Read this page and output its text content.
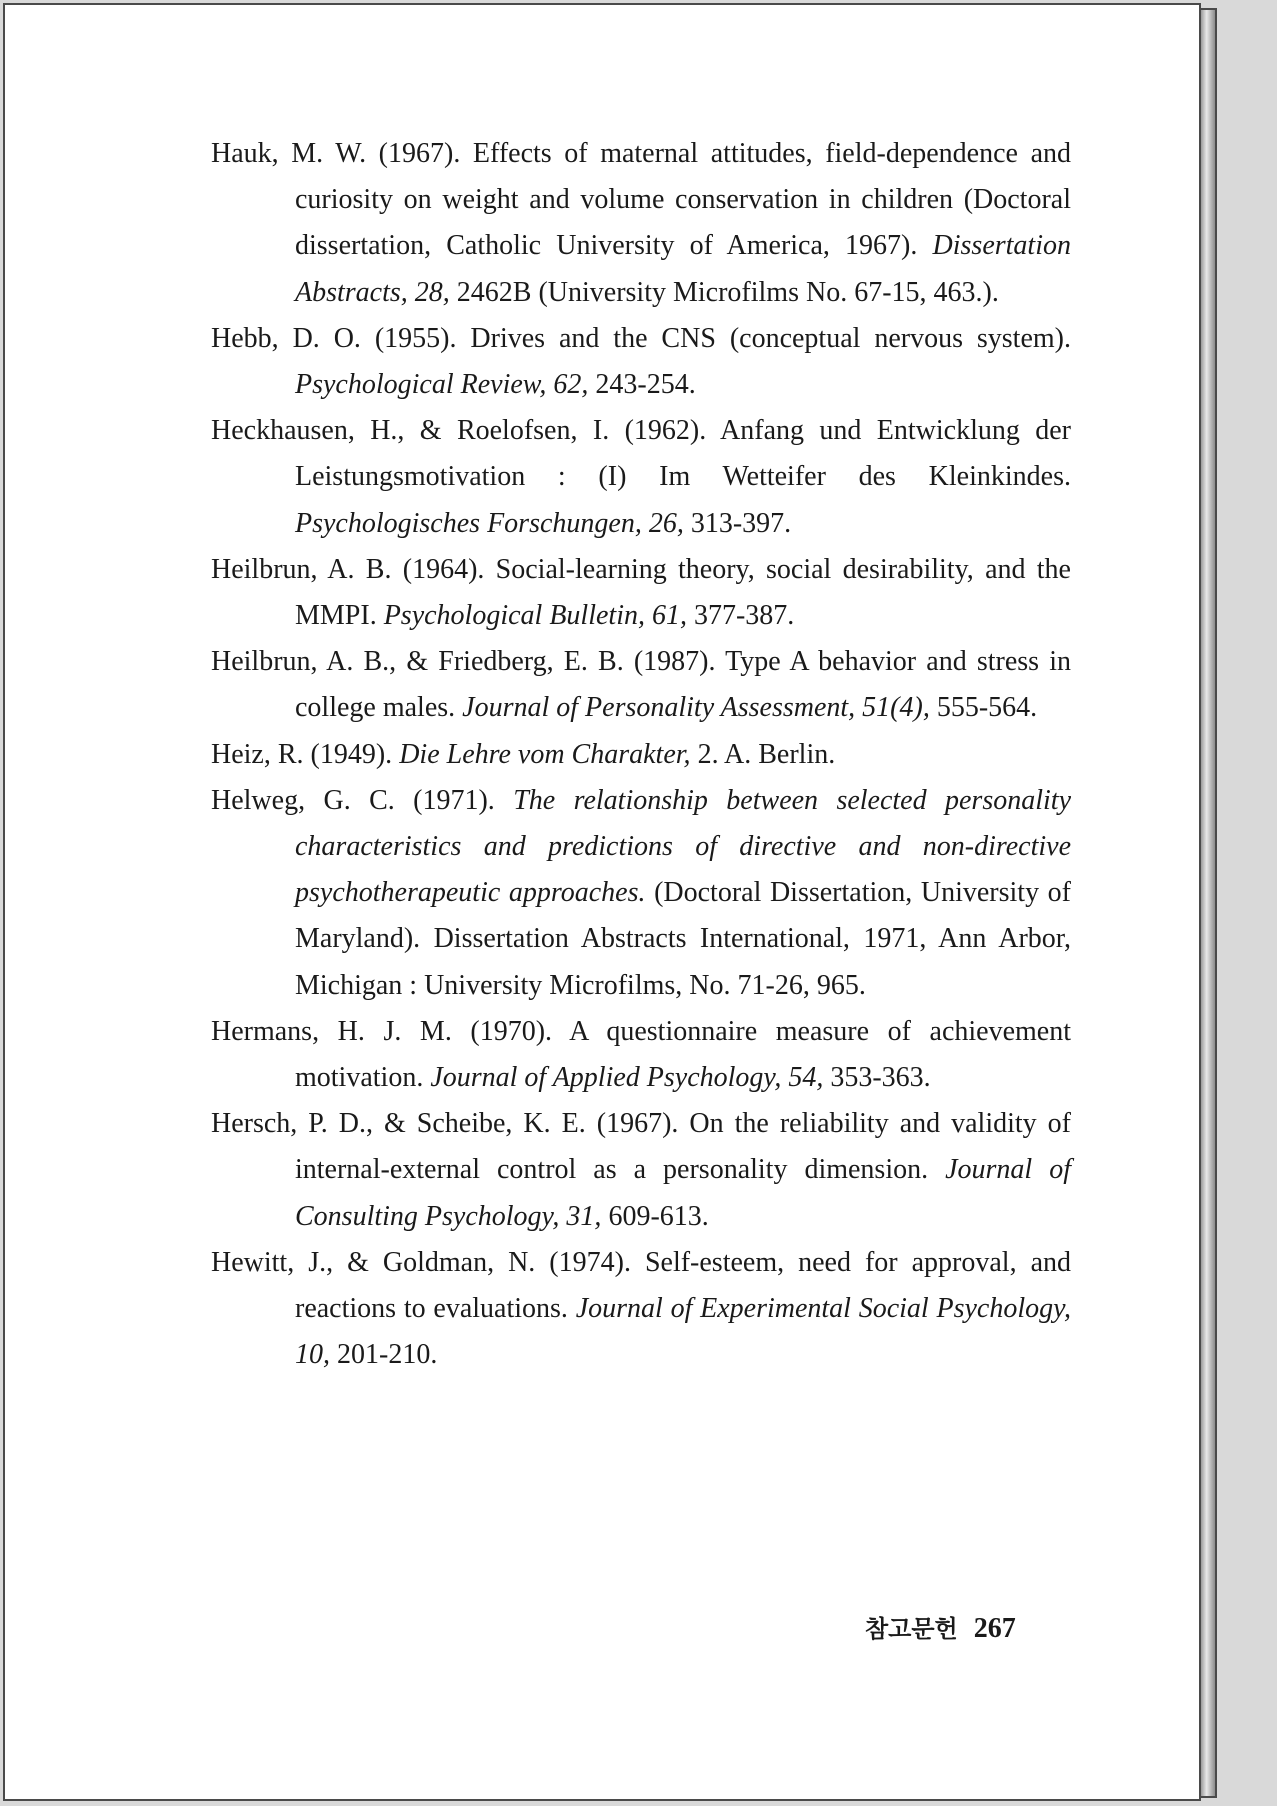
Hauk, M. W. (1967). Effects of maternal attitudes, field-dependence and curiosity on weight and volume conservation in children (Doctoral dissertation, Catholic University of America, 1967). Dissertation Abstracts, 28, 2462B (University Microfilms No. 67-15, 463.).

Hebb, D. O. (1955). Drives and the CNS (conceptual nervous system). Psychological Review, 62, 243-254.

Heckhausen, H., & Roelofsen, I. (1962). Anfang und Entwicklung der Leistungsmotivation : (I) Im Wetteifer des Kleinkindes. Psychologisches Forschungen, 26, 313-397.

Heilbrun, A. B. (1964). Social-learning theory, social desirability, and the MMPI. Psychological Bulletin, 61, 377-387.

Heilbrun, A. B., & Friedberg, E. B. (1987). Type A behavior and stress in college males. Journal of Personality Assessment, 51(4), 555-564.

Heiz, R. (1949). Die Lehre vom Charakter, 2. A. Berlin.

Helweg, G. C. (1971). The relationship between selected personality characteristics and predictions of directive and non-directive psychotherapeutic approaches. (Doctoral Dissertation, University of Maryland). Dissertation Abstracts International, 1971, Ann Arbor, Michigan : University Microfilms, No. 71-26, 965.

Hermans, H. J. M. (1970). A questionnaire measure of achievement motivation. Journal of Applied Psychology, 54, 353-363.

Hersch, P. D., & Scheibe, K. E. (1967). On the reliability and validity of internal-external control as a personality dimension. Journal of Consulting Psychology, 31, 609-613.

Hewitt, J., & Goldman, N. (1974). Self-esteem, need for approval, and reactions to evaluations. Journal of Experimental Social Psychology, 10, 201-210.

참고문헌 267
